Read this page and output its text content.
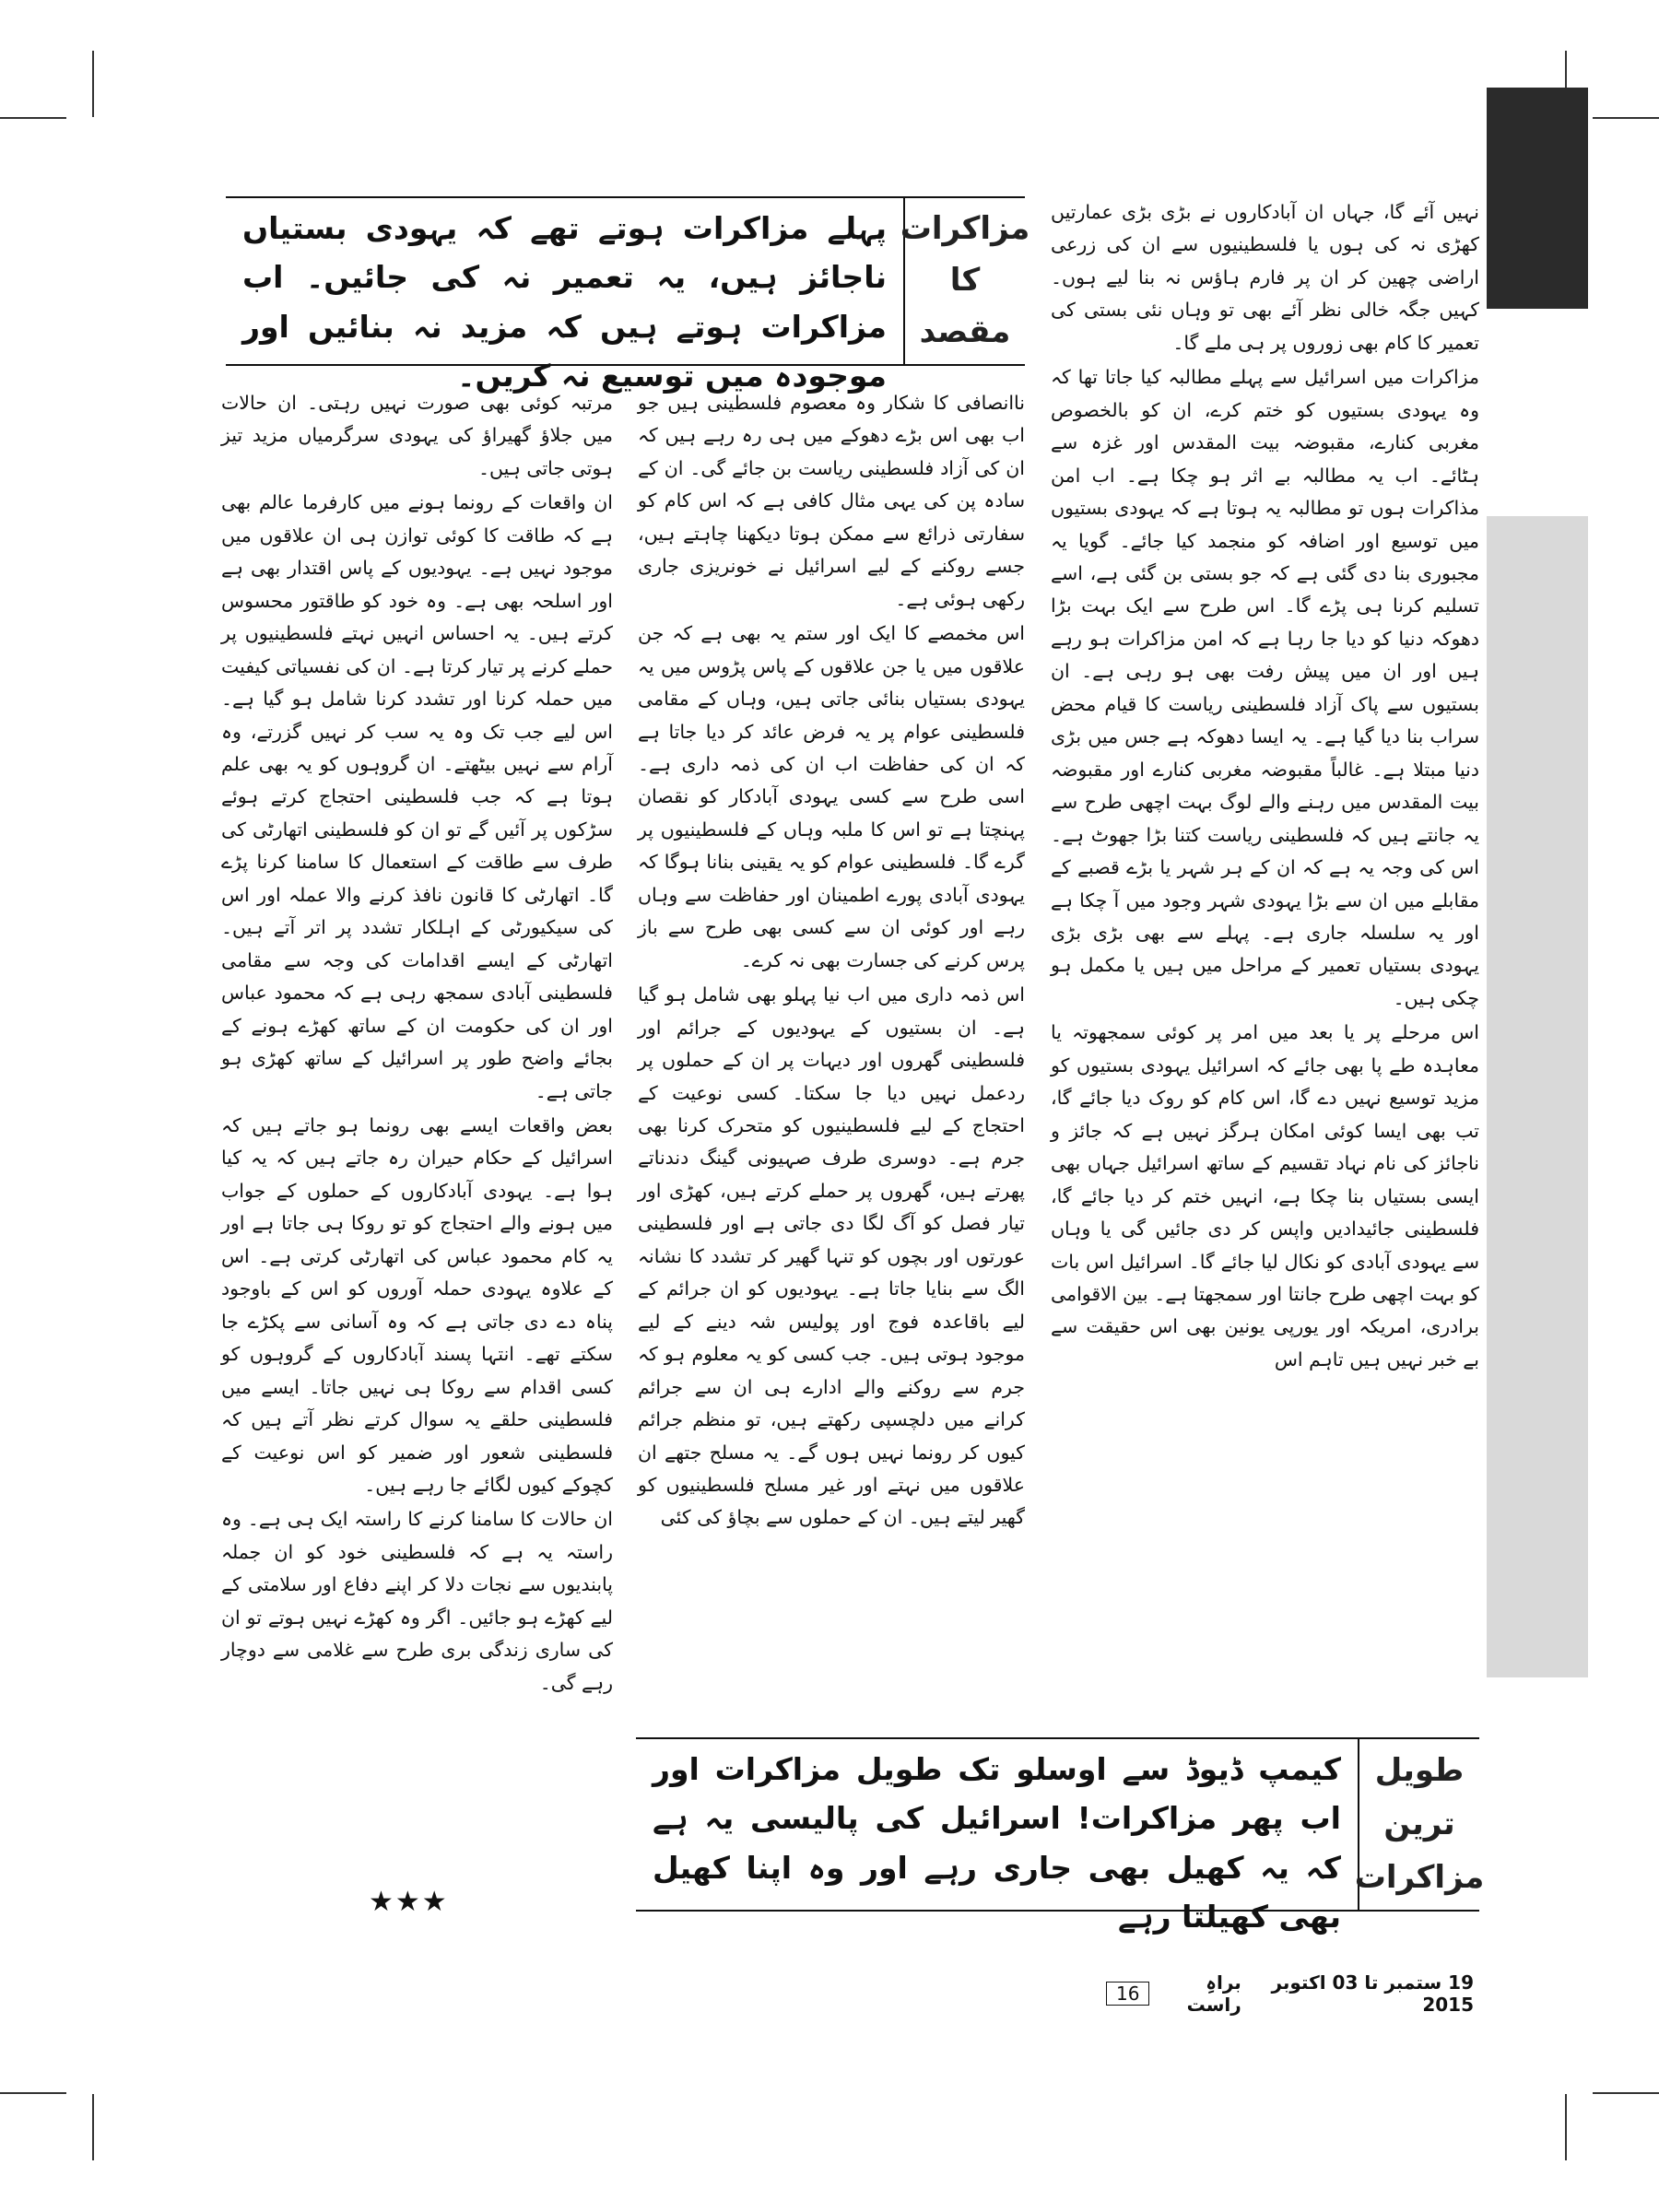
مزاکرات
کا
مقصد
پہلے مزاکرات ہوتے تھے کہ یہودی بستیاں ناجائز ہیں، یہ تعمیر نہ کی جائیں۔ اب مزاکرات ہوتے ہیں کہ مزید نہ بنائیں اور موجودہ میں توسیع نہ کریں۔

نہیں آئے گا، جہاں ان آبادکاروں نے بڑی بڑی عمارتیں کھڑی نہ کی ہوں یا فلسطینیوں سے ان کی زرعی اراضی چھین کر ان پر فارم ہاؤس نہ بنا لیے ہوں۔ کہیں جگہ خالی نظر آئے بھی تو وہاں نئی بستی کی تعمیر کا کام بھی زوروں پر ہی ملے گا۔

مزاکرات میں اسرائیل سے پہلے مطالبہ کیا جاتا تھا کہ وہ یہودی بستیوں کو ختم کرے، ان کو بالخصوص مغربی کنارے، مقبوضہ بیت المقدس اور غزہ سے ہٹائے۔ اب یہ مطالبہ بے اثر ہو چکا ہے۔ اب امن مذاکرات ہوں تو مطالبہ یہ ہوتا ہے کہ یہودی بستیوں میں توسیع اور اضافہ کو منجمد کیا جائے۔ گویا یہ مجبوری بنا دی گئی ہے کہ جو بستی بن گئی ہے، اسے تسلیم کرنا ہی پڑے گا۔ اس طرح سے ایک بہت بڑا دھوکہ دنیا کو دیا جا رہا ہے کہ امن مزاکرات ہو رہے ہیں اور ان میں پیش رفت بھی ہو رہی ہے۔ ان بستیوں سے پاک آزاد فلسطینی ریاست کا قیام محض سراب بنا دیا گیا ہے۔ یہ ایسا دھوکہ ہے جس میں بڑی دنیا مبتلا ہے۔ غالباً مقبوضہ مغربی کنارے اور مقبوضہ بیت المقدس میں رہنے والے لوگ بہت اچھی طرح سے یہ جانتے ہیں کہ فلسطینی ریاست کتنا بڑا جھوٹ ہے۔ اس کی وجہ یہ ہے کہ ان کے ہر شہر یا بڑے قصبے کے مقابلے میں ان سے بڑا یہودی شہر وجود میں آ چکا ہے اور یہ سلسلہ جاری ہے۔ پہلے سے بھی بڑی بڑی یہودی بستیاں تعمیر کے مراحل میں ہیں یا مکمل ہو چکی ہیں۔

اس مرحلے پر یا بعد میں امر پر کوئی سمجھوتہ یا معاہدہ طے پا بھی جائے کہ اسرائیل یہودی بستیوں کو مزید توسیع نہیں دے گا، اس کام کو روک دیا جائے گا، تب بھی ایسا کوئی امکان ہرگز نہیں ہے کہ جائز و ناجائز کی نام نہاد تقسیم کے ساتھ اسرائیل جہاں بھی ایسی بستیاں بنا چکا ہے، انہیں ختم کر دیا جائے گا، فلسطینی جائیدادیں واپس کر دی جائیں گی یا وہاں سے یہودی آبادی کو نکال لیا جائے گا۔ اسرائیل اس بات کو بہت اچھی طرح جانتا اور سمجھتا ہے۔ بین الاقوامی برادری، امریکہ اور یورپی یونین بھی اس حقیقت سے بے خبر نہیں ہیں تاہم اس

ناانصافی کا شکار وہ معصوم فلسطینی ہیں جو اب بھی اس بڑے دھوکے میں ہی رہ رہے ہیں کہ ان کی آزاد فلسطینی ریاست بن جائے گی۔ ان کے سادہ پن کی یہی مثال کافی ہے کہ اس کام کو سفارتی ذرائع سے ممکن ہوتا دیکھنا چاہتے ہیں، جسے روکنے کے لیے اسرائیل نے خونریزی جاری رکھی ہوئی ہے۔

اس مخمصے کا ایک اور ستم یہ بھی ہے کہ جن علاقوں میں یا جن علاقوں کے پاس پڑوس میں یہ یہودی بستیاں بنائی جاتی ہیں، وہاں کے مقامی فلسطینی عوام پر یہ فرض عائد کر دیا جاتا ہے کہ ان کی حفاظت اب ان کی ذمہ داری ہے۔ اسی طرح سے کسی یہودی آبادکار کو نقصان پہنچتا ہے تو اس کا ملبہ وہاں کے فلسطینیوں پر گرے گا۔ فلسطینی عوام کو یہ یقینی بنانا ہوگا کہ یہودی آبادی پورے اطمینان اور حفاظت سے وہاں رہے اور کوئی ان سے کسی بھی طرح سے باز پرس کرنے کی جسارت بھی نہ کرے۔

اس ذمہ داری میں اب نیا پہلو بھی شامل ہو گیا ہے۔ ان بستیوں کے یہودیوں کے جرائم اور فلسطینی گھروں اور دیہات پر ان کے حملوں پر ردعمل نہیں دیا جا سکتا۔ کسی نوعیت کے احتجاج کے لیے فلسطینیوں کو متحرک کرنا بھی جرم ہے۔ دوسری طرف صہیونی گینگ دندناتے پھرتے ہیں، گھروں پر حملے کرتے ہیں، کھڑی اور تیار فصل کو آگ لگا دی جاتی ہے اور فلسطینی عورتوں اور بچوں کو تنہا گھیر کر تشدد کا نشانہ الگ سے بنایا جاتا ہے۔ یہودیوں کو ان جرائم کے لیے باقاعدہ فوج اور پولیس شہ دینے کے لیے موجود ہوتی ہیں۔ جب کسی کو یہ معلوم ہو کہ جرم سے روکنے والے ادارے ہی ان سے جرائم کرانے میں دلچسپی رکھتے ہیں، تو منظم جرائم کیوں کر رونما نہیں ہوں گے۔ یہ مسلح جتھے ان علاقوں میں نہتے اور غیر مسلح فلسطینیوں کو گھیر لیتے ہیں۔ ان کے حملوں سے بچاؤ کی کئی

مرتبہ کوئی بھی صورت نہیں رہتی۔ ان حالات میں جلاؤ گھیراؤ کی یہودی سرگرمیاں مزید تیز ہوتی جاتی ہیں۔

ان واقعات کے رونما ہونے میں کارفرما عالم بھی ہے کہ طاقت کا کوئی توازن ہی ان علاقوں میں موجود نہیں ہے۔ یہودیوں کے پاس اقتدار بھی ہے اور اسلحہ بھی ہے۔ وہ خود کو طاقتور محسوس کرتے ہیں۔ یہ احساس انہیں نہتے فلسطینیوں پر حملے کرنے پر تیار کرتا ہے۔ ان کی نفسیاتی کیفیت میں حملہ کرنا اور تشدد کرنا شامل ہو گیا ہے۔ اس لیے جب تک وہ یہ سب کر نہیں گزرتے، وہ آرام سے نہیں بیٹھتے۔ ان گروہوں کو یہ بھی علم ہوتا ہے کہ جب فلسطینی احتجاج کرتے ہوئے سڑکوں پر آئیں گے تو ان کو فلسطینی اتھارٹی کی طرف سے طاقت کے استعمال کا سامنا کرنا پڑے گا۔ اتھارٹی کا قانون نافذ کرنے والا عملہ اور اس کی سیکیورٹی کے اہلکار تشدد پر اتر آتے ہیں۔ اتھارٹی کے ایسے اقدامات کی وجہ سے مقامی فلسطینی آبادی سمجھ رہی ہے کہ محمود عباس اور ان کی حکومت ان کے ساتھ کھڑے ہونے کے بجائے واضح طور پر اسرائیل کے ساتھ کھڑی ہو جاتی ہے۔

بعض واقعات ایسے بھی رونما ہو جاتے ہیں کہ اسرائیل کے حکام حیران رہ جاتے ہیں کہ یہ کیا ہوا ہے۔ یہودی آبادکاروں کے حملوں کے جواب میں ہونے والے احتجاج کو تو روکا ہی جاتا ہے اور یہ کام محمود عباس کی اتھارٹی کرتی ہے۔ اس کے علاوہ یہودی حملہ آوروں کو اس کے باوجود پناہ دے دی جاتی ہے کہ وہ آسانی سے پکڑے جا سکتے تھے۔ انتہا پسند آبادکاروں کے گروہوں کو کسی اقدام سے روکا ہی نہیں جاتا۔ ایسے میں فلسطینی حلقے یہ سوال کرتے نظر آتے ہیں کہ فلسطینی شعور اور ضمیر کو اس نوعیت کے کچوکے کیوں لگائے جا رہے ہیں۔

ان حالات کا سامنا کرنے کا راستہ ایک ہی ہے۔ وہ راستہ یہ ہے کہ فلسطینی خود کو ان جملہ پابندیوں سے نجات دلا کر اپنے دفاع اور سلامتی کے لیے کھڑے ہو جائیں۔ اگر وہ کھڑے نہیں ہوتے تو ان کی ساری زندگی بری طرح سے غلامی سے دوچار رہے گی۔

★★★
طویل
ترین
مزاکرات
کیمپ ڈیوڈ سے اوسلو تک طویل مزاکرات اور اب پھر مزاکرات! اسرائیل کی پالیسی یہ ہے کہ یہ کھیل بھی جاری رہے اور وہ اپنا کھیل بھی کھیلتا رہے
19 ستمبر تا 03 اکتوبر 2015
براہِ راست
16
